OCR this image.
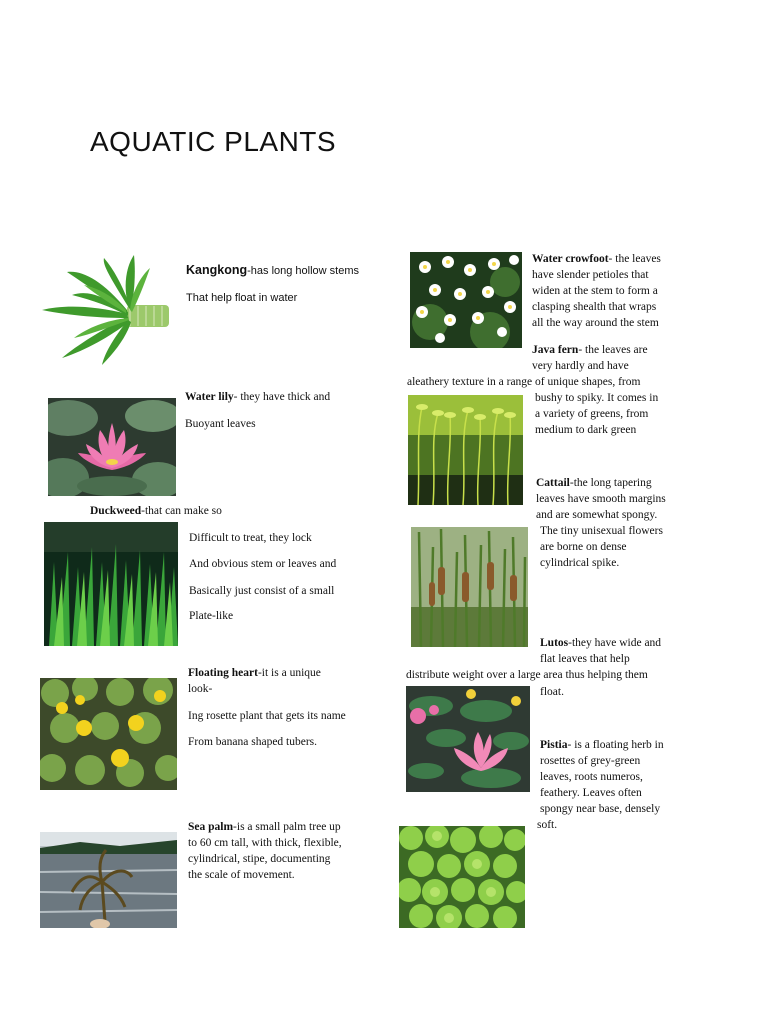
AQUATIC PLANTS

Kangkong-has long hollow stems

That help float in water

Water lily- they have thick and

Buoyant leaves

Duckweed-that can make so

Difficult to treat, they lock

And obvious stem or leaves and

Basically just consist of a small

Plate-like

Floating heart-it is a unique

look-

Ing rosette plant that gets its name

From banana shaped tubers.

Sea palm-is a small palm tree up

to 60 cm tall, with thick, flexible,

cylindrical, stipe, documenting

the scale of movement.

Water crowfoot- the leaves

have slender petioles that

widen at the stem to form a

clasping shealth that wraps

all the way around the stem

Java fern- the leaves are

very hardly and have

aleathery texture in a range of unique shapes, from

bushy to spiky. It comes in

a variety of greens, from

medium to dark green

Cattail-the long tapering

leaves have smooth margins

and are somewhat spongy.

The tiny unisexual flowers

are borne on dense

cylindrical spike.

Lutos-they have wide and

flat leaves that help

distribute weight over a large area thus helping them

float.

Pistia- is a floating herb in

rosettes of grey-green

leaves, roots numeros,

feathery. Leaves often

spongy near base, densely

soft.
